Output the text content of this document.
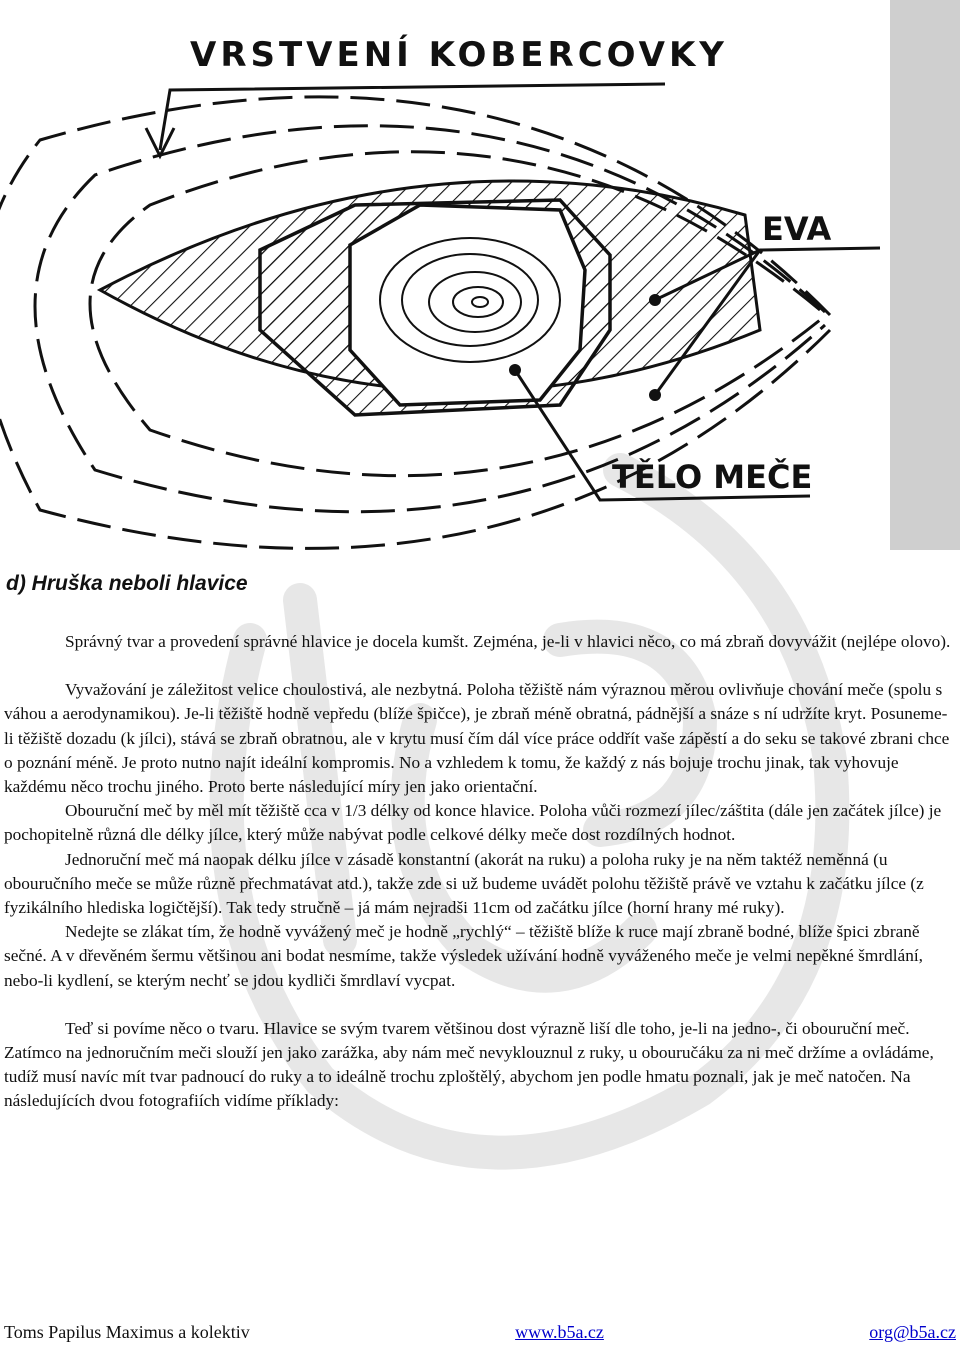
VRSTVENÍ KOBERCOVKY
EVA
TĚLO MEČE
d) Hruška neboli hlavice

Správný tvar a provedení správné hlavice je docela kumšt. Zejména, je-li v hlavici něco, co má zbraň dovyvážit (nejlépe olovo).

Vyvažování je záležitost velice choulostivá, ale nezbytná. Poloha těžiště nám výraznou měrou ovlivňuje chování meče (spolu s váhou a aerodynamikou). Je-li těžiště hodně vepředu (blíže špičce), je zbraň méně obratná, pádnější a snáze s ní udržíte kryt. Posuneme-li těžiště dozadu (k jílci), stává se zbraň obratnou, ale v krytu musí čím dál více práce oddřít vaše zápěstí a do seku se takové zbrani chce o poznání méně. Je proto nutno najít ideální kompromis. No a vzhledem k tomu, že každý z nás bojuje trochu jinak, tak vyhovuje každému něco trochu jiného. Proto berte následující míry jen jako orientační.

Obouruční meč by měl mít těžiště cca v 1/3 délky od konce hlavice. Poloha vůči rozmezí jílec/záštita (dále jen začátek jílce) je pochopitelně různá dle délky jílce, který může nabývat podle celkové délky meče dost rozdílných hodnot.

Jednoruční meč má naopak délku jílce v zásadě konstantní (akorát na ruku) a poloha ruky je na něm taktéž neměnná (u obouručního meče se může různě přechmatávat atd.), takže zde si už budeme uvádět polohu těžiště právě ve vztahu k začátku jílce (z fyzikálního hlediska logičtější). Tak tedy stručně – já mám nejradši 11cm od začátku jílce (horní hrany mé ruky).

Nedejte se zlákat tím, že hodně vyvážený meč je hodně „rychlý“ – těžiště blíže k ruce mají zbraně bodné, blíže špici zbraně sečné. A v dřevěném šermu většinou ani bodat nesmíme, takže výsledek užívání hodně vyváženého meče je velmi nepěkné šmrdlání, nebo-li kydlení, se kterým nechť se jdou kydliči šmrdlaví vycpat.

Teď si povíme něco o tvaru. Hlavice se svým tvarem většinou dost výrazně liší dle toho, je-li na jedno-, či obouruční meč. Zatímco na jednoručním meči slouží jen jako zarážka, aby nám meč nevyklouznul z ruky, u obouručáku za ni meč držíme a ovládáme, tudíž musí navíc mít tvar padnoucí do ruky a to ideálně trochu zploštělý, abychom jen podle hmatu poznali, jak je meč natočen. Na následujících dvou fotografiích vidíme příklady:

Toms Papilus Maximus a kolektiv	www.b5a.cz	org@b5a.cz
